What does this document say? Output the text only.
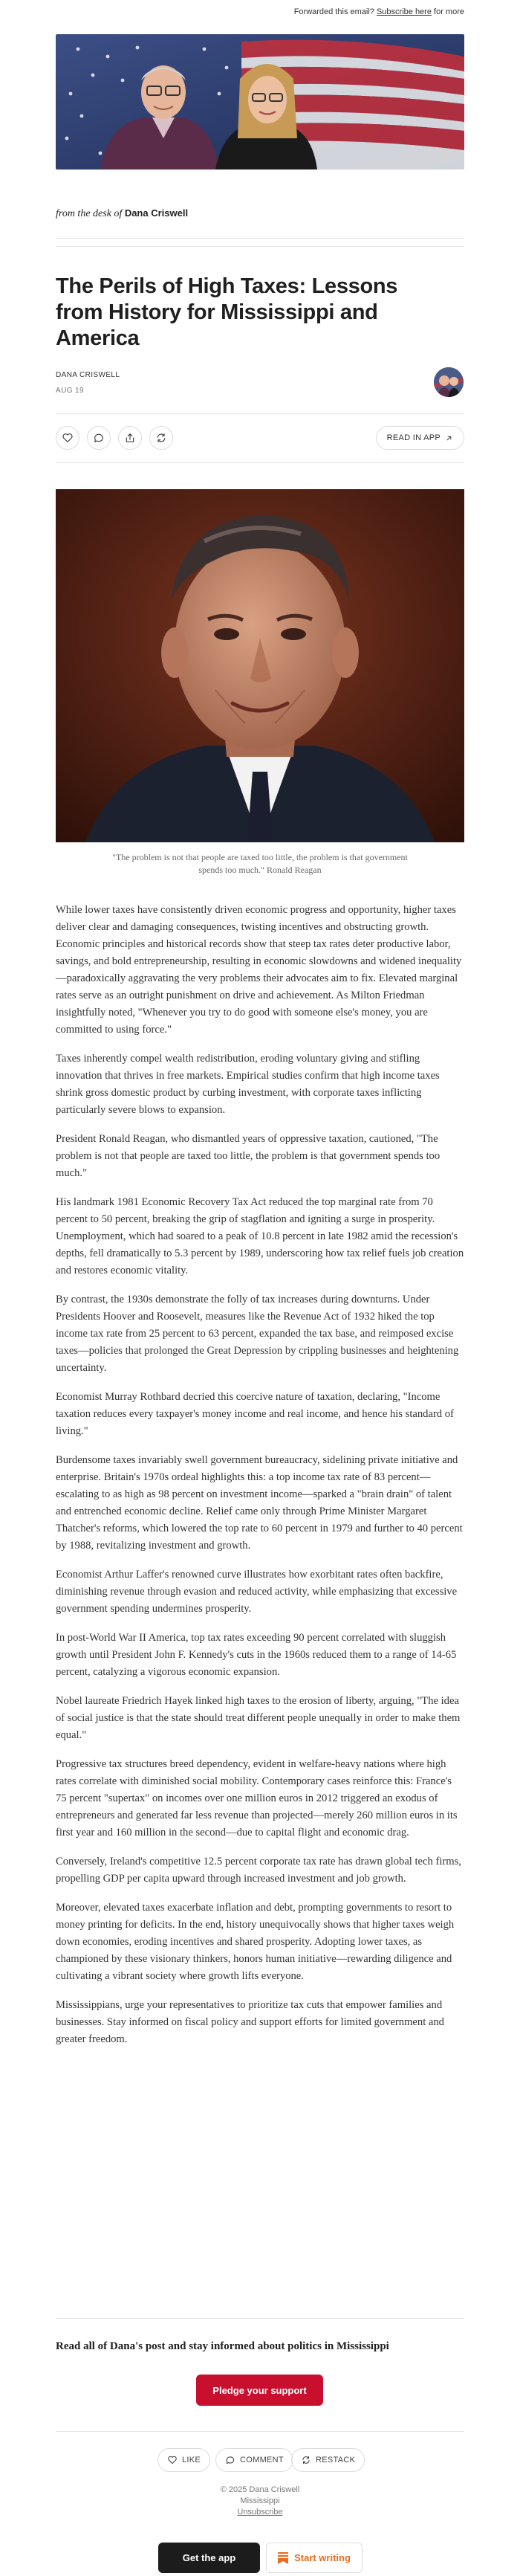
Forwarded this email? Subscribe here for more
from the desk of Dana Criswell
The Perils of High Taxes: Lessons from History for Mississippi and America
DANA CRISWELL
AUG 19
READ IN APP
"The problem is not that people are taxed too little, the problem is that government spends too much." Ronald Reagan

While lower taxes have consistently driven economic progress and opportunity, higher taxes deliver clear and damaging consequences, twisting incentives and obstructing growth. Economic principles and historical records show that steep tax rates deter productive labor, savings, and bold entrepreneurship, resulting in economic slowdowns and widened inequality—paradoxically aggravating the very problems their advocates aim to fix. Elevated marginal rates serve as an outright punishment on drive and achievement. As Milton Friedman insightfully noted, "Whenever you try to do good with someone else's money, you are committed to using force."

Taxes inherently compel wealth redistribution, eroding voluntary giving and stifling innovation that thrives in free markets. Empirical studies confirm that high income taxes shrink gross domestic product by curbing investment, with corporate taxes inflicting particularly severe blows to expansion.

President Ronald Reagan, who dismantled years of oppressive taxation, cautioned, "The problem is not that people are taxed too little, the problem is that government spends too much."

His landmark 1981 Economic Recovery Tax Act reduced the top marginal rate from 70 percent to 50 percent, breaking the grip of stagflation and igniting a surge in prosperity. Unemployment, which had soared to a peak of 10.8 percent in late 1982 amid the recession's depths, fell dramatically to 5.3 percent by 1989, underscoring how tax relief fuels job creation and restores economic vitality.

By contrast, the 1930s demonstrate the folly of tax increases during downturns. Under Presidents Hoover and Roosevelt, measures like the Revenue Act of 1932 hiked the top income tax rate from 25 percent to 63 percent, expanded the tax base, and reimposed excise taxes—policies that prolonged the Great Depression by crippling businesses and heightening uncertainty.

Economist Murray Rothbard decried this coercive nature of taxation, declaring, "Income taxation reduces every taxpayer's money income and real income, and hence his standard of living."

Burdensome taxes invariably swell government bureaucracy, sidelining private initiative and enterprise. Britain's 1970s ordeal highlights this: a top income tax rate of 83 percent—escalating to as high as 98 percent on investment income—sparked a "brain drain" of talent and entrenched economic decline. Relief came only through Prime Minister Margaret Thatcher's reforms, which lowered the top rate to 60 percent in 1979 and further to 40 percent by 1988, revitalizing investment and growth.

Economist Arthur Laffer's renowned curve illustrates how exorbitant rates often backfire, diminishing revenue through evasion and reduced activity, while emphasizing that excessive government spending undermines prosperity.

In post-World War II America, top tax rates exceeding 90 percent correlated with sluggish growth until President John F. Kennedy's cuts in the 1960s reduced them to a range of 14-65 percent, catalyzing a vigorous economic expansion.

Nobel laureate Friedrich Hayek linked high taxes to the erosion of liberty, arguing, "The idea of social justice is that the state should treat different people unequally in order to make them equal."

Progressive tax structures breed dependency, evident in welfare-heavy nations where high rates correlate with diminished social mobility. Contemporary cases reinforce this: France's 75 percent "supertax" on incomes over one million euros in 2012 triggered an exodus of entrepreneurs and generated far less revenue than projected—merely 260 million euros in its first year and 160 million in the second—due to capital flight and economic drag.

Conversely, Ireland's competitive 12.5 percent corporate tax rate has drawn global tech firms, propelling GDP per capita upward through increased investment and job growth.

Moreover, elevated taxes exacerbate inflation and debt, prompting governments to resort to money printing for deficits. In the end, history unequivocally shows that higher taxes weigh down economies, eroding incentives and shared prosperity. Adopting lower taxes, as championed by these visionary thinkers, honors human initiative—rewarding diligence and cultivating a vibrant society where growth lifts everyone.

Mississippians, urge your representatives to prioritize tax cuts that empower families and businesses. Stay informed on fiscal policy and support efforts for limited government and greater freedom.

Read all of Dana's post and stay informed about politics in Mississippi
Pledge your support
LIKE	COMMENT	RESTACK
© 2025 Dana Criswell
Mississippi
Unsubscribe
Get the app	Start writing
